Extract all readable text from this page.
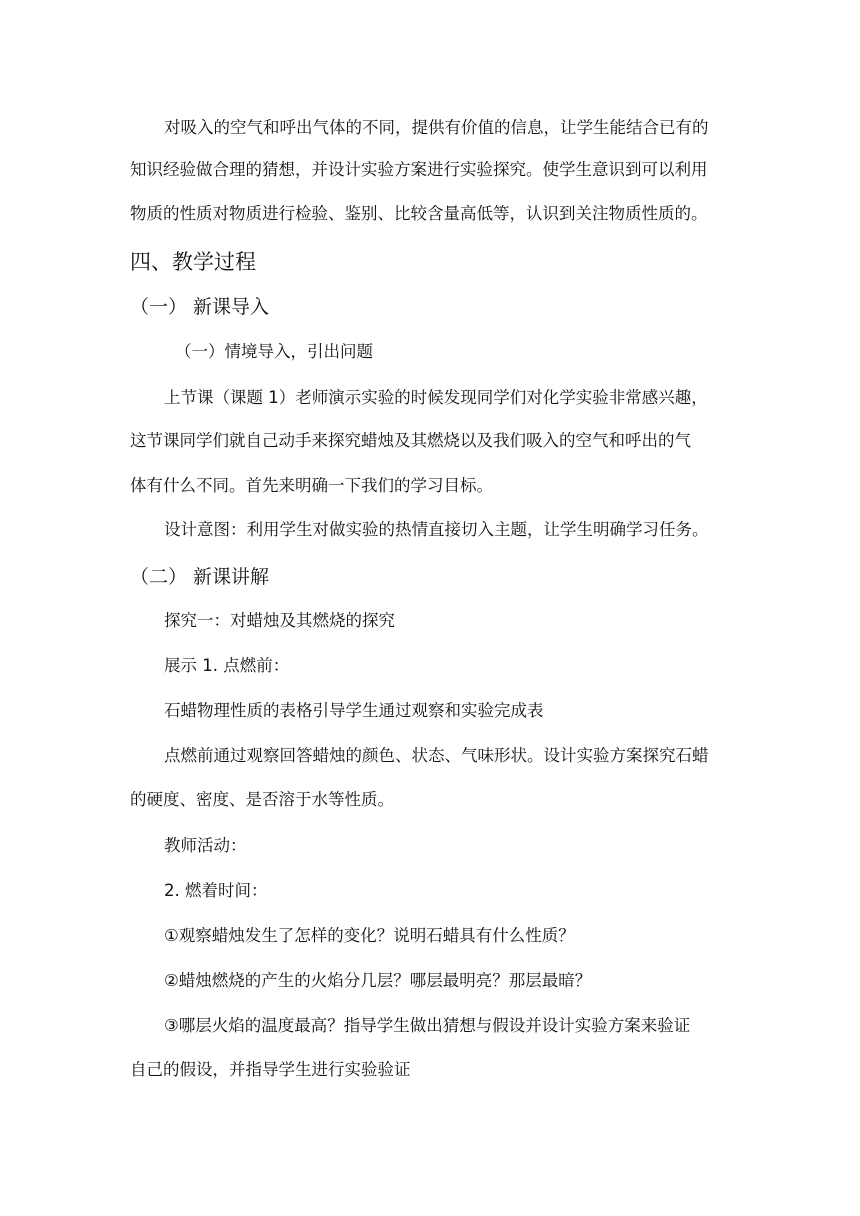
对吸入的空气和呼出气体的不同，提供有价值的信息，让学生能结合已有的
知识经验做合理的猜想，并设计实验方案进行实验探究。使学生意识到可以利用
物质的性质对物质进行检验、鉴别、比较含量高低等，认识到关注物质性质的。
四、教学过程
（一） 新课导入
（一）情境导入，引出问题
上节课（课题 1）老师演示实验的时候发现同学们对化学实验非常感兴趣，
这节课同学们就自己动手来探究蜡烛及其燃烧以及我们吸入的空气和呼出的气
体有什么不同。首先来明确一下我们的学习目标。
设计意图：利用学生对做实验的热情直接切入主题，让学生明确学习任务。
（二） 新课讲解
探究一：对蜡烛及其燃烧的探究
展示 1. 点燃前：
石蜡物理性质的表格引导学生通过观察和实验完成表
点燃前通过观察回答蜡烛的颜色、状态、气味形状。设计实验方案探究石蜡
的硬度、密度、是否溶于水等性质。
教师活动：
2. 燃着时间：
①观察蜡烛发生了怎样的变化？说明石蜡具有什么性质？
②蜡烛燃烧的产生的火焰分几层？哪层最明亮？那层最暗？
③哪层火焰的温度最高？指导学生做出猜想与假设并设计实验方案来验证
自己的假设，并指导学生进行实验验证
